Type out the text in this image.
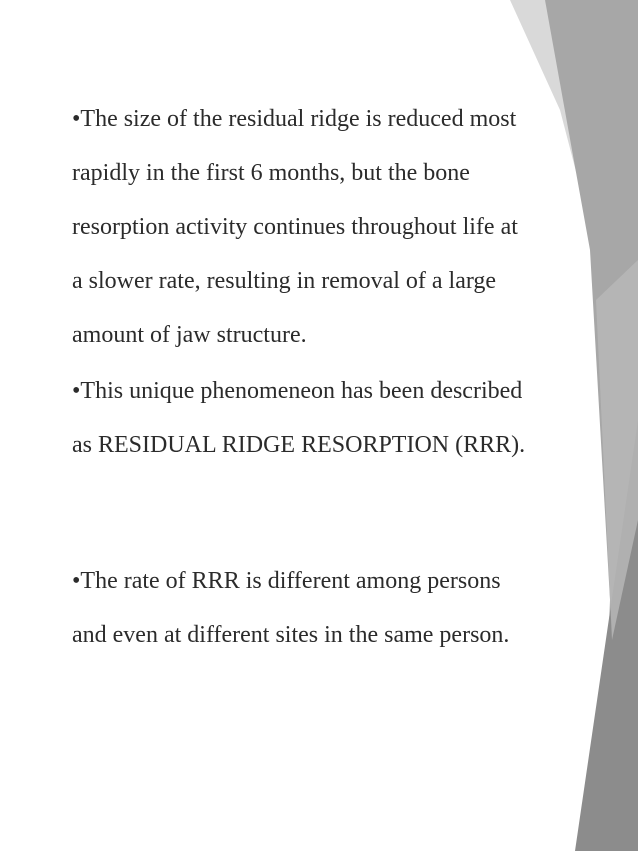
•The size of the residual ridge is reduced most
rapidly in the first 6 months, but the bone
resorption activity continues throughout life at
a slower rate, resulting in removal of a large
amount of jaw structure.

•This unique phenomeneon has been described
as RESIDUAL RIDGE RESORPTION (RRR).

•The rate of RRR is different among persons
and even at different sites in the same person.
